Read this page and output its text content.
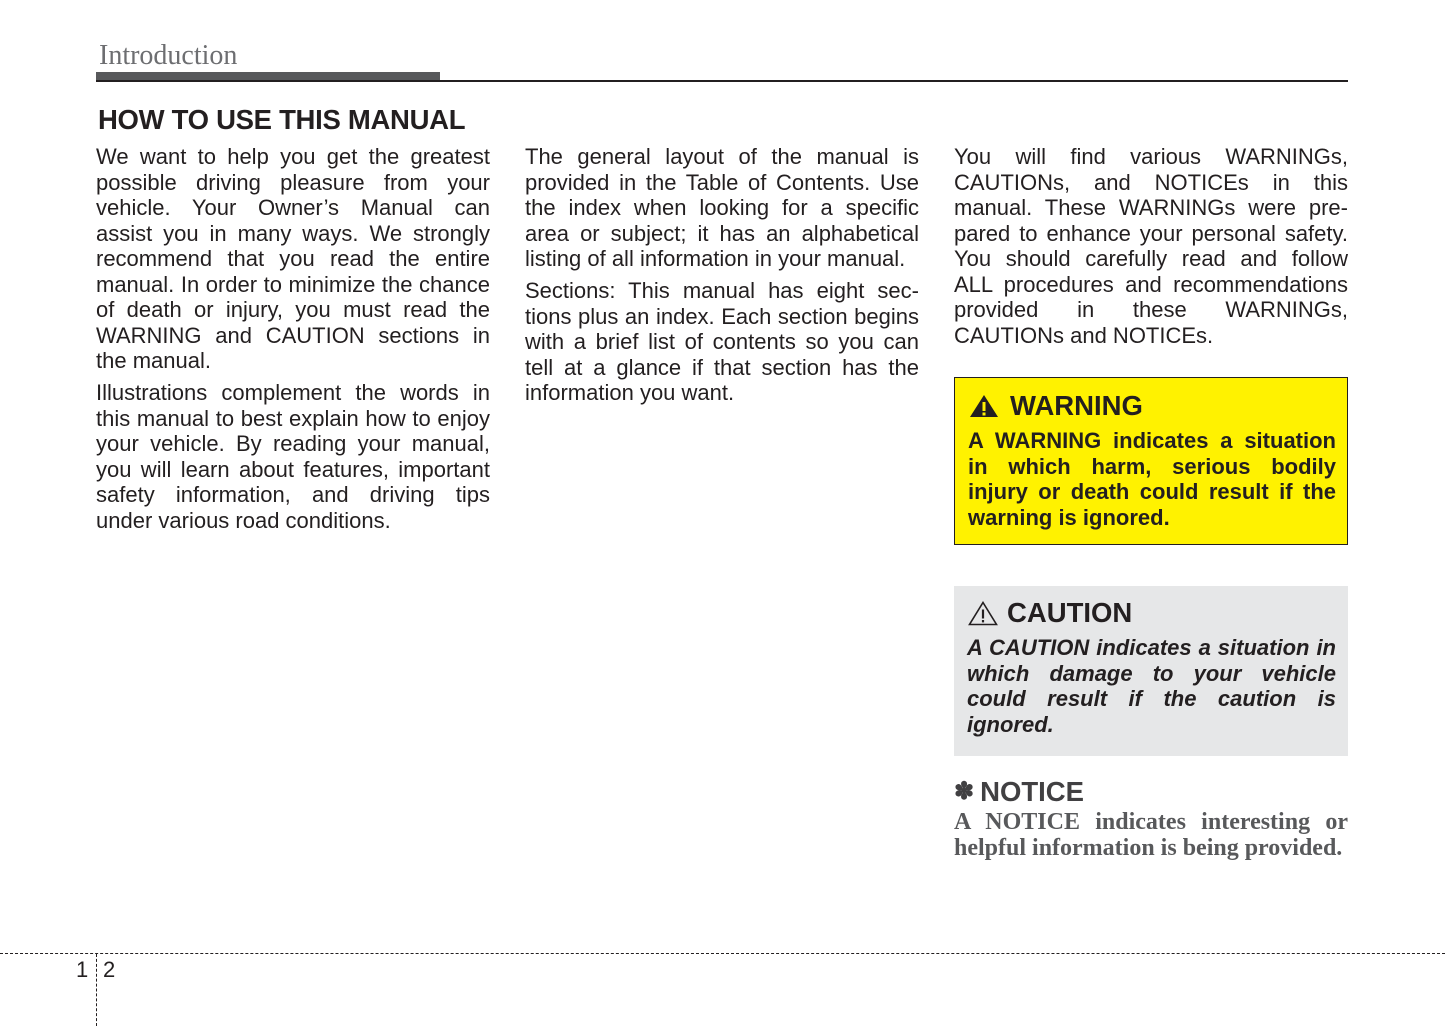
Introduction
HOW TO USE THIS MANUAL

We want to help you get the greatest possible driving pleasure from your vehicle. Your Owner’s Manual can assist you in many ways. We strongly recommend that you read the entire manual. In order to minimize the chance of death or injury, you must read the WARNING and CAUTION sections in the manual.

Illustrations complement the words in this manual to best explain how to enjoy your vehicle. By reading your manual, you will learn about features, important safety information, and driving tips under various road conditions.

The general layout of the manual is provided in the Table of Contents. Use the index when looking for a specific area or subject; it has an alphabetical listing of all information in your manual.

Sections: This manual has eight sections plus an index. Each section begins with a brief list of contents so you can tell at a glance if that section has the information you want.

You will find various WARNINGs, CAUTIONs, and NOTICEs in this manual. These WARNINGs were prepared to enhance your personal safety. You should carefully read and follow ALL procedures and recommendations provided in these WARNINGs, CAUTIONs and NOTICEs.

WARNING
A WARNING indicates a situation in which harm, serious bodily injury or death could result if the warning is ignored.
CAUTION
A CAUTION indicates a situation in which damage to your vehicle could result if the caution is ignored.
✽ NOTICE
A NOTICE indicates interesting or helpful information is being provided.
1 2
